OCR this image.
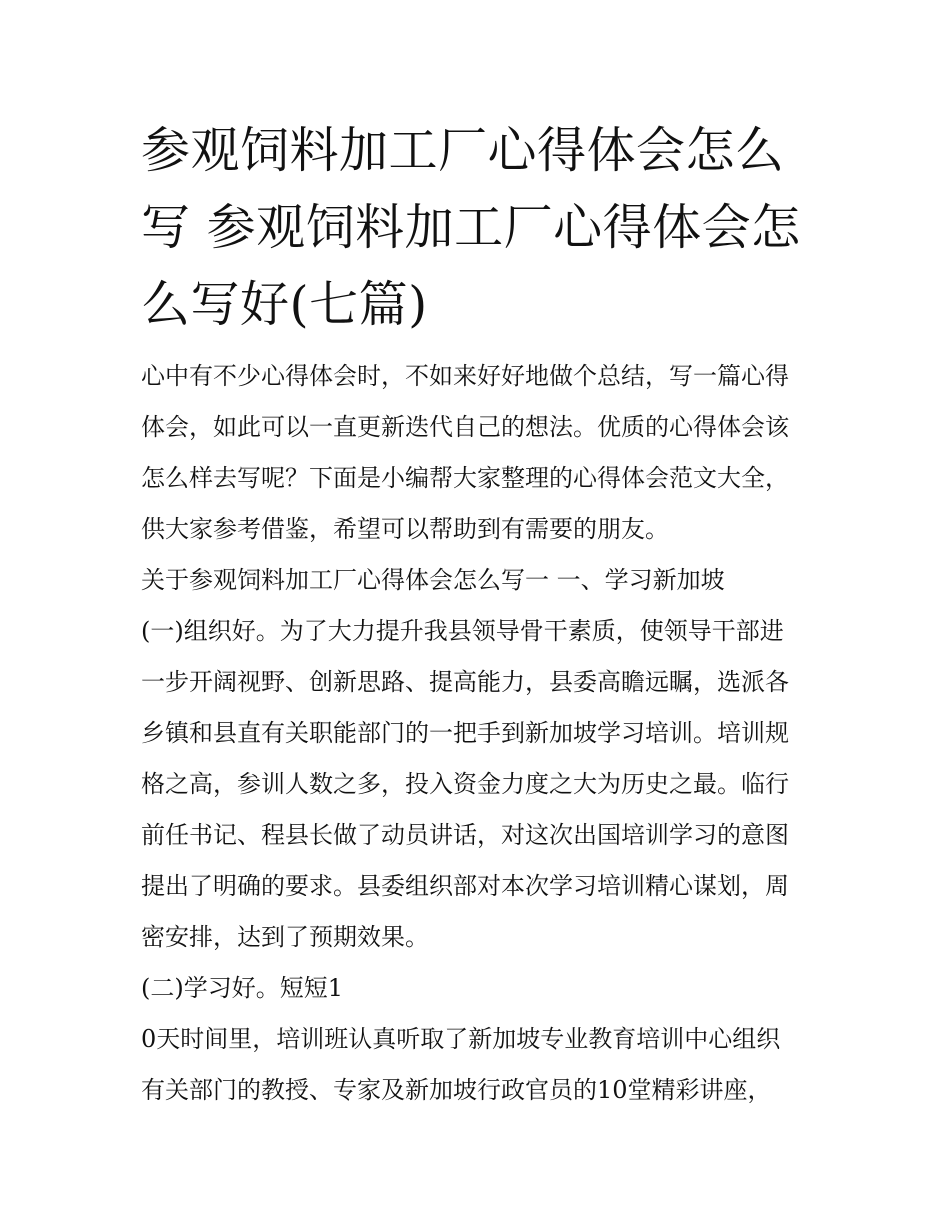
参观饲料加工厂心得体会怎么
写 参观饲料加工厂心得体会怎
么写好(七篇)
心中有不少心得体会时，不如来好好地做个总结，写一篇心得
体会，如此可以一直更新迭代自己的想法。优质的心得体会该
怎么样去写呢？下面是小编帮大家整理的心得体会范文大全，
供大家参考借鉴，希望可以帮助到有需要的朋友。
关于参观饲料加工厂心得体会怎么写一 一、学习新加坡
(一)组织好。为了大力提升我县领导骨干素质，使领导干部进
一步开阔视野、创新思路、提高能力，县委高瞻远瞩，选派各
乡镇和县直有关职能部门的一把手到新加坡学习培训。培训规
格之高，参训人数之多，投入资金力度之大为历史之最。临行
前任书记、程县长做了动员讲话，对这次出国培训学习的意图
提出了明确的要求。县委组织部对本次学习培训精心谋划，周
密安排，达到了预期效果。
(二)学习好。短短1
0天时间里，培训班认真听取了新加坡专业教育培训中心组织
有关部门的教授、专家及新加坡行政官员的10堂精彩讲座，
